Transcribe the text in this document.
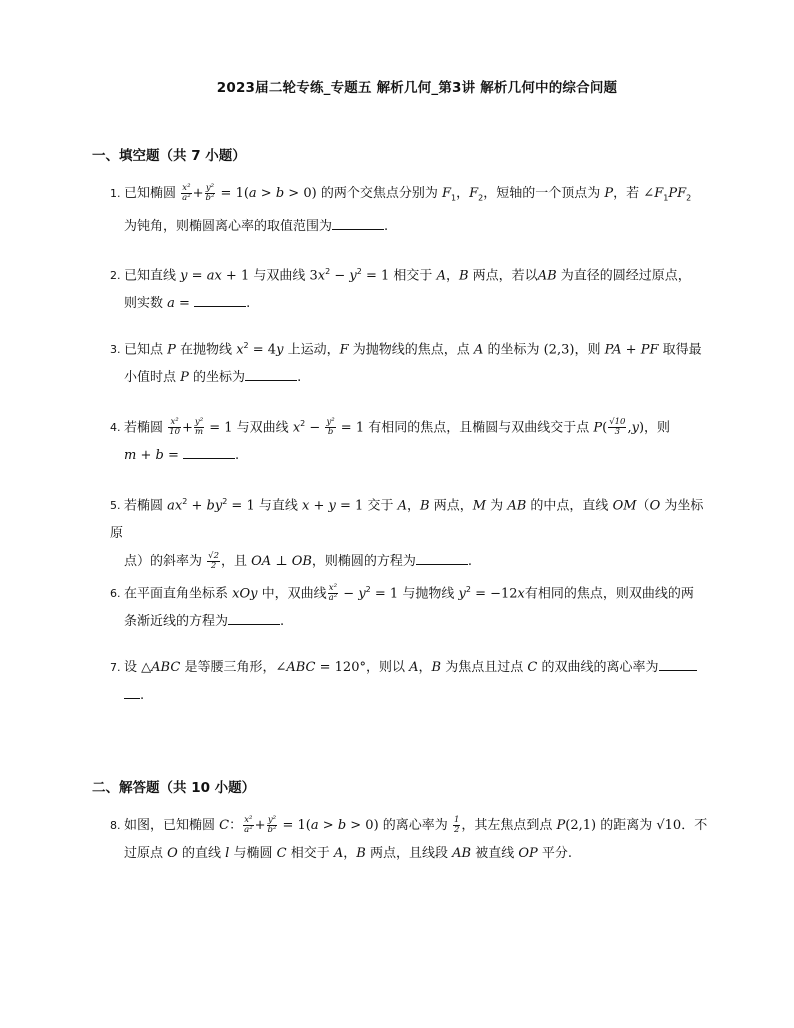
2023届二轮专练_专题五 解析几何_第3讲 解析几何中的综合问题
一、填空题（共 7 小题）
1. 已知椭圆 $\frac{\text{x²}}{\text{a²}} + \frac{\text{y²}}{\text{b²}} = 1(a > b > 0)$ 的两个交焦点分别为 $F_1$，$F_2$，短轴的一个顶点为 P，若 $\angle F_1PF_2$
为钝角，则椭圆离心率的取值范围为	.
2. 已知直线 y = ax + 1 与双曲线 $3x^2 - y^2 = 1$ 相交于 A，B 两点，若以AB 为直径的圆经过原点，
则实数 a =	.
3. 已知点 P 在抛物线 $x^2 = 4y$ 上运动，F 为抛物线的焦点，点 A 的坐标为 (2,3)，则 PA + PF 取得最
小值时点 P 的坐标为	.
4. 若椭圆 $\frac{\text{x²}}{10} + \frac{\text{y²}}{m} = 1$ 与双曲线 $x^2 - \frac{\text{y²}}{b} = 1$ 有相同的焦点，且椭圆与双曲线交于点 $P( \frac{√10}{3} ,y)$，则
m + b =	.
5. 若椭圆 $ax^2 + by^2 = 1$ 与直线 x + y = 1 交于 A，B 两点，M 为 AB 的中点，直线 OM（O 为坐标原
点）的斜率为 $\frac{√2}{2}$ ，且 OA ⊥ OB，则椭圆的方程为	.
6. 在平面直角坐标系 xOy 中，双曲线 $\frac{\text{x²}}{\text{a²}} - y^2 = 1$ 与抛物线 $y^2 = -12x$有相同的焦点，则双曲线的两
条渐近线的方程为	.
7. 设 △ABC 是等腰三角形，∠ABC = 120°，则以 A，B 为焦点且过点 C 的双曲线的离心率为
.
二、解答题（共 10 小题）
8. 如图，已知椭圆 C： $\frac{\text{x²}}{\text{a²}} + \frac{\text{y²}}{\text{b²}} = 1(a > b > 0)$ 的离心率为 $\frac{1}{2}$ ，其左焦点到点 P(2,1) 的距离为 √10．不
过原点 O 的直线 l 与椭圆 C 相交于 A，B 两点，且线段 AB 被直线 OP 平分.
